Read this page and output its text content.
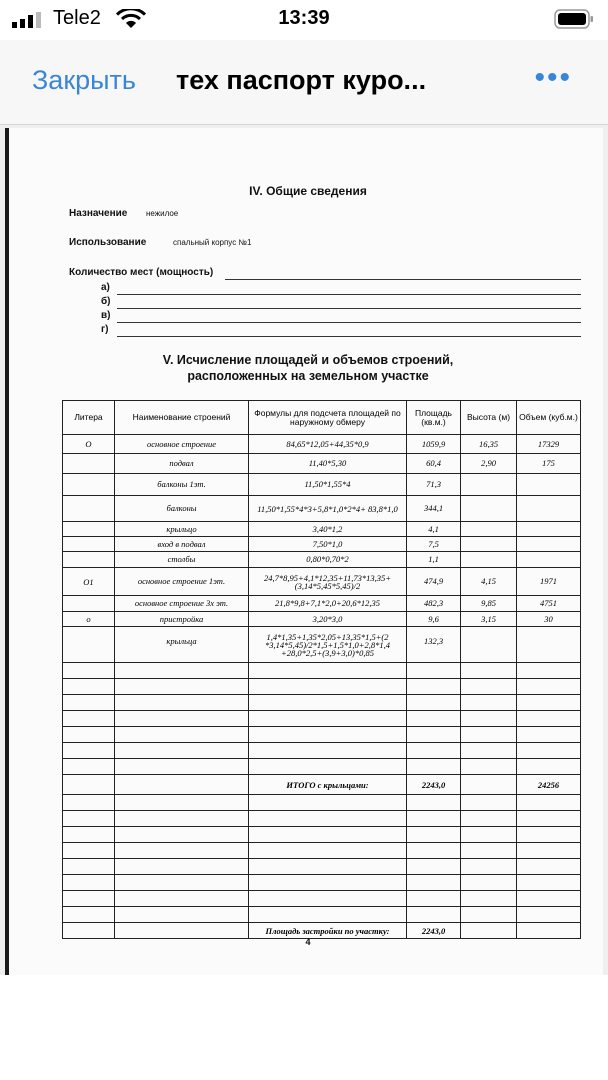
Tele2	13:39
Закрыть тех паспорт куро...	•••
IV. Общие сведения
Назначение нежилое
Использование	спальный корпус №1
Количество мест (мощность)
а)
б)
в)
г)
V. Исчисление площадей и объемов строений,
расположенных на земельном участке
Литера	Наименование строений	Формулы для подсчета площадей по наружному обмеру	Площадь (кв.м.)	Высота (м)	Объем (куб.м.)
О	основное строение	84,65*12,05+44,35*0,9	1059,9	16,35	17329
	подвал	11,40*5,30	60,4	2,90	175
	балконы 1эт.	11,50*1,55*4	71,3		
	балконы	11,50*1,55*4*3+5,8*1,0*2*4+ 83,8*1,0	344,1		
	крыльцо	3,40*1,2	4,1		
	вход в подвал	7,50*1,0	7,5		
	столбы	0,80*0,70*2	1,1		
О1	основное строение 1эт.	24,7*8,95+4,1*12,35+11,73*13,35+ (3,14*5,45*5,45)/2	474,9	4,15	1971
	основное строение 3х эт.	21,8*9,8+7,1*2,0+20,6*12,35	482,3	9,85	4751
о	пристройка	3,20*3,0	9,6	3,15	30
	крыльца	1,4*1,35+1,35*2,05+13,35*1,5+(2 *3,14*5,45)/2*1,5+1,5*1,0+2,8*1,4 +28,0*2,5+(3,9+3,0)*0,85	132,3		

		ИТОГО с крыльцами:	2243,0		24256

		Площадь застройки по участку:	2243,0		
4
